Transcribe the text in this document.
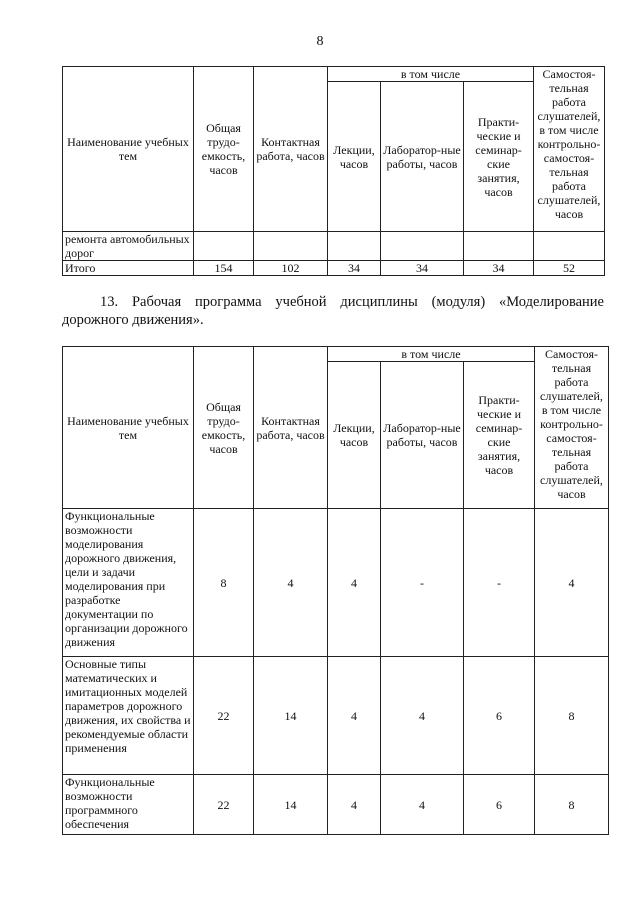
8
Наименование учебных тем	Общая трудо-емкость, часов	Контактная работа, часов	в том числе			Самостоя-тельная работа слушателей, в том числе контрольно-самостоя-тельная работа слушателей, часов
			Лекции, часов	Лаборатор-ные работы, часов	Практи-ческие и семинар-ские занятия, часов	
ремонта автомобильных дорог						
Итого	154	102	34	34	34	52
13. Рабочая программа учебной дисциплины (модуля) «Моделирование
дорожного движения».
Наименование учебных тем	Общая трудо-емкость, часов	Контактная работа, часов	в том числе			Самостоя-тельная работа слушателей, в том числе контрольно-самостоя-тельная работа слушателей, часов
			Лекции, часов	Лаборатор-ные работы, часов	Практи-ческие и семинар-ские занятия, часов	
Функциональные возможности моделирования дорожного движения, цели и задачи моделирования при разработке документации по организации дорожного движения	8	4	4	-	-	4
Основные типы математических и имитационных моделей параметров дорожного движения, их свойства и рекомендуемые области применения	22	14	4	4	6	8
Функциональные возможности программного обеспечения	22	14	4	4	6	8
